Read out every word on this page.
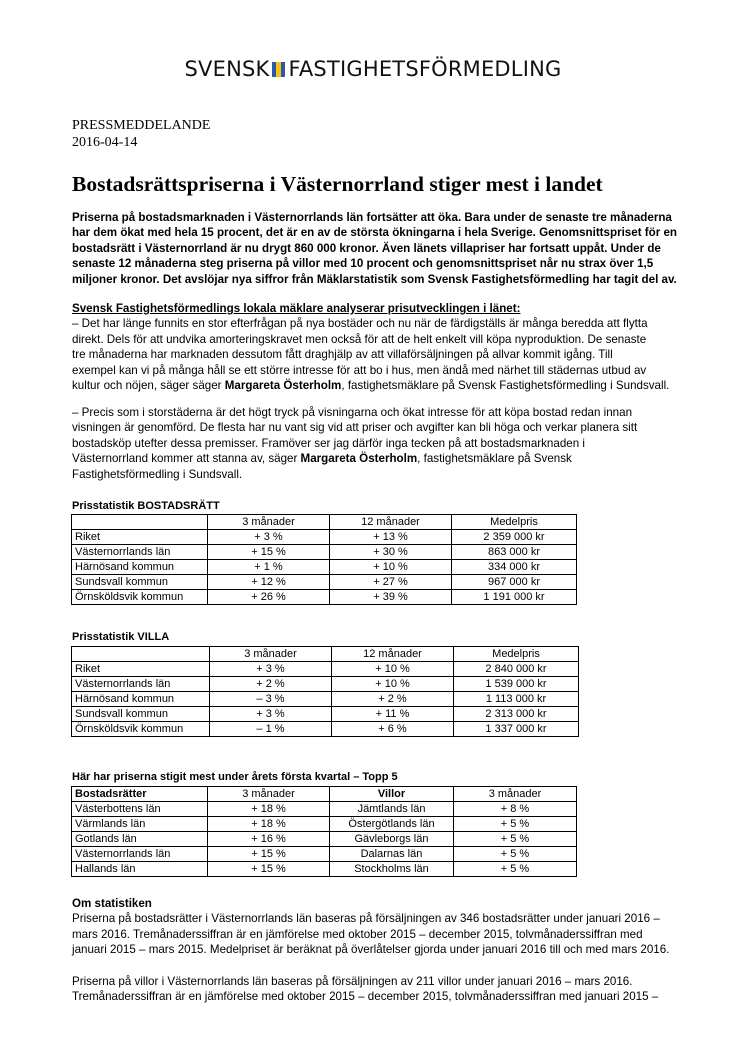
SVENSK FASTIGHETSFÖRMEDLING
PRESSMEDDELANDE
2016-04-14
Bostadsrättspriserna i Västernorrland stiger mest i landet
Priserna på bostadsmarknaden i Västernorrlands län fortsätter att öka. Bara under de senaste tre månaderna
har dem ökat med hela 15 procent, det är en av de största ökningarna i hela Sverige. Genomsnittspriset för en
bostadsrätt i Västernorrland är nu drygt 860 000 kronor. Även länets villapriser har fortsatt uppåt. Under de
senaste 12 månaderna steg priserna på villor med 10 procent och genomsnittspriset når nu strax över 1,5
miljoner kronor. Det avslöjar nya siffror från Mäklarstatistik som Svensk Fastighetsförmedling har tagit del av.
Svensk Fastighetsförmedlings lokala mäklare analyserar prisutvecklingen i länet:
– Det har länge funnits en stor efterfrågan på nya bostäder och nu när de färdigställs är många beredda att flytta
direkt. Dels för att undvika amorteringskravet men också för att de helt enkelt vill köpa nyproduktion. De senaste
tre månaderna har marknaden dessutom fått draghjälp av att villaförsäljningen på allvar kommit igång. Till
exempel kan vi på många håll se ett större intresse för att bo i hus, men ändå med närhet till städernas utbud av
kultur och nöjen, säger säger Margareta Österholm, fastighetsmäklare på Svensk Fastighetsförmedling i Sundsvall.
– Precis som i storstäderna är det högt tryck på visningarna och ökat intresse för att köpa bostad redan innan
visningen är genomförd. De flesta har nu vant sig vid att priser och avgifter kan bli höga och verkar planera sitt
bostadsköp utefter dessa premisser. Framöver ser jag därför inga tecken på att bostadsmarknaden i
Västernorrland kommer att stanna av, säger Margareta Österholm, fastighetsmäklare på Svensk
Fastighetsförmedling i Sundsvall.
Prisstatistik BOSTADSRÄTT
	3 månader	12 månader	Medelpris
Riket	+ 3 %	+ 13 %	2 359 000 kr
Västernorrlands län	+ 15 %	+ 30 %	863 000 kr
Härnösand kommun	+ 1 %	+ 10 %	334 000 kr
Sundsvall kommun	+ 12 %	+ 27 %	967 000 kr
Örnsköldsvik kommun	+ 26 %	+ 39 %	1 191 000 kr
Prisstatistik VILLA
	3 månader	12 månader	Medelpris
Riket	+ 3 %	+ 10 %	2 840 000 kr
Västernorrlands län	+ 2 %	+ 10 %	1 539 000 kr
Härnösand kommun	– 3 %	+ 2 %	1 113 000 kr
Sundsvall kommun	+ 3 %	+ 11 %	2 313 000 kr
Örnsköldsvik kommun	– 1 %	+ 6 %	1 337 000 kr
Här har priserna stigit mest under årets första kvartal – Topp 5
Bostadsrätter	3 månader	Villor	3 månader
Västerbottens län	+ 18 %	Jämtlands län	+ 8 %
Värmlands län	+ 18 %	Östergötlands län	+ 5 %
Gotlands län	+ 16 %	Gävleborgs län	+ 5 %
Västernorrlands län	+ 15 %	Dalarnas län	+ 5 %
Hallands län	+ 15 %	Stockholms län	+ 5 %
Om statistiken
Priserna på bostadsrätter i Västernorrlands län baseras på försäljningen av 346 bostadsrätter under januari 2016 –
mars 2016. Tremånaderssiffran är en jämförelse med oktober 2015 – december 2015, tolvmånaderssiffran med
januari 2015 – mars 2015. Medelpriset är beräknat på överlåtelser gjorda under januari 2016 till och med mars 2016.
Priserna på villor i Västernorrlands län baseras på försäljningen av 211 villor under januari 2016 – mars 2016.
Tremånaderssiffran är en jämförelse med oktober 2015 – december 2015, tolvmånaderssiffran med januari 2015 –
